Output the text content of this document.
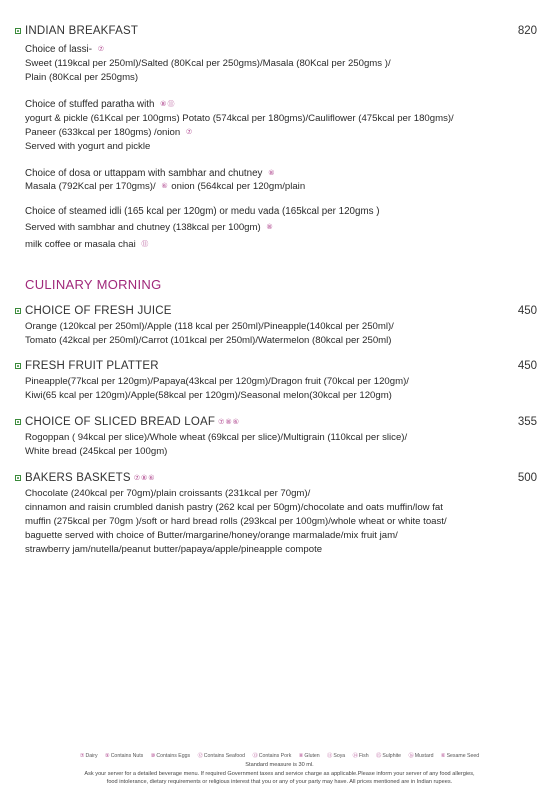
INDIAN BREAKFAST	820
Choice of lassi- ⑦
Sweet (119kcal per 250ml)/Salted (80Kcal per 250gms)/Masala (80Kcal per 250gms )/
Plain (80Kcal per 250gms)
Choice of stuffed paratha with ⑧⑪
yogurt & pickle (61Kcal per 100gms) Potato (574kcal per 180gms)/Cauliflower (475kcal per 180gms)/
Paneer (633kcal per 180gms) /onion ⑦
Served with yogurt and pickle
Choice of dosa or uttappam with sambhar and chutney ⑧
Masala (792Kcal per 170gms)/ ⑥ onion (564kcal per 120gm/plain
Choice of steamed idli (165 kcal per 120gm) or medu vada (165kcal per 120gms )
Served with sambhar and chutney (138kcal per 100gm) ⑧
milk coffee or masala chai ⑪
CULINARY MORNING
CHOICE OF FRESH JUICE	450
Orange (120kcal per 250ml)/Apple (118 kcal per 250ml)/Pineapple(140kcal per 250ml)/
Tomato (42kcal per 250ml)/Carrot (101kcal per 250ml)/Watermelon (80kcal per 250ml)
FRESH FRUIT PLATTER	450
Pineapple(77kcal per 120gm)/Papaya(43kcal per 120gm)/Dragon fruit (70kcal per 120gm)/
Kiwi(65 kcal per 120gm)/Apple(58kcal per 120gm)/Seasonal melon(30kcal per 120gm)
CHOICE OF SLICED BREAD LOAF ⑦⑧⑥	355
Rogoppan ( 94kcal per slice)/Whole wheat (69kcal per slice)/Multigrain (110kcal per slice)/
White bread (245kcal per 100gm)
BAKERS BASKETS ⑦⑧⑥	500
Chocolate (240kcal per 70gm)/plain croissants (231kcal per 70gm)/
cinnamon and raisin crumbled danish pastry (262 kcal per 50gm)/chocolate and oats muffin/low fat
muffin (275kcal per 70gm )/soft or hard bread rolls (293kcal per 100gm)/whole wheat or white toast/
baguette served with choice of Butter/margarine/honey/orange marmalade/mix fruit jam/
strawberry jam/nutella/peanut butter/papaya/apple/pineapple compote
⑦Dairy ⑨Contains Nuts ⑩Contains Eggs ⑫Contains Seafood ⑬Contains Pork ⑧Gluten ⑪Soya ⑭Fish ⑮Sulphite ⑯Mustard ⑥Sesame Seed
Standard measure is 30 ml.
Ask your server for a detailed beverage menu. If required Government taxes and service charge as applicable.Please inform your server of any food allergies,
food intolerance, dietary requirements or religious interest that you or any of your party may have. All prices mentioned are in Indian rupees.
